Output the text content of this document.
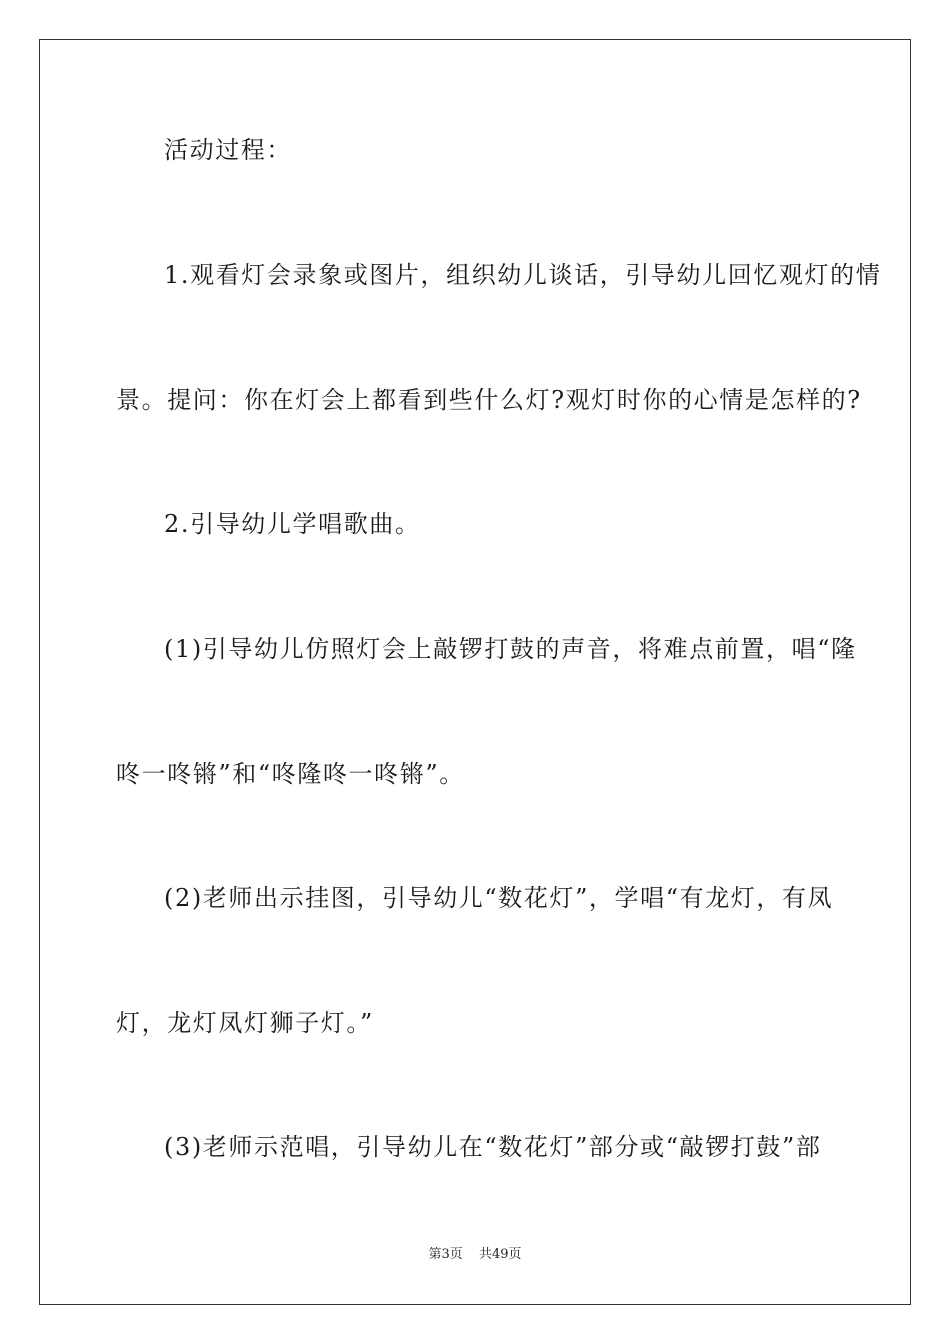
活动过程：
1.观看灯会录象或图片，组织幼儿谈话，引导幼儿回忆观灯的情
景。提问：你在灯会上都看到些什么灯?观灯时你的心情是怎样的?
2.引导幼儿学唱歌曲。
(1)引导幼儿仿照灯会上敲锣打鼓的声音，将难点前置，唱“隆
咚一咚锵”和“咚隆咚一咚锵”。
(2)老师出示挂图，引导幼儿“数花灯”，学唱“有龙灯，有凤
灯，龙灯凤灯狮子灯。”
(3)老师示范唱，引导幼儿在“数花灯”部分或“敲锣打鼓”部
第3页 共49页
